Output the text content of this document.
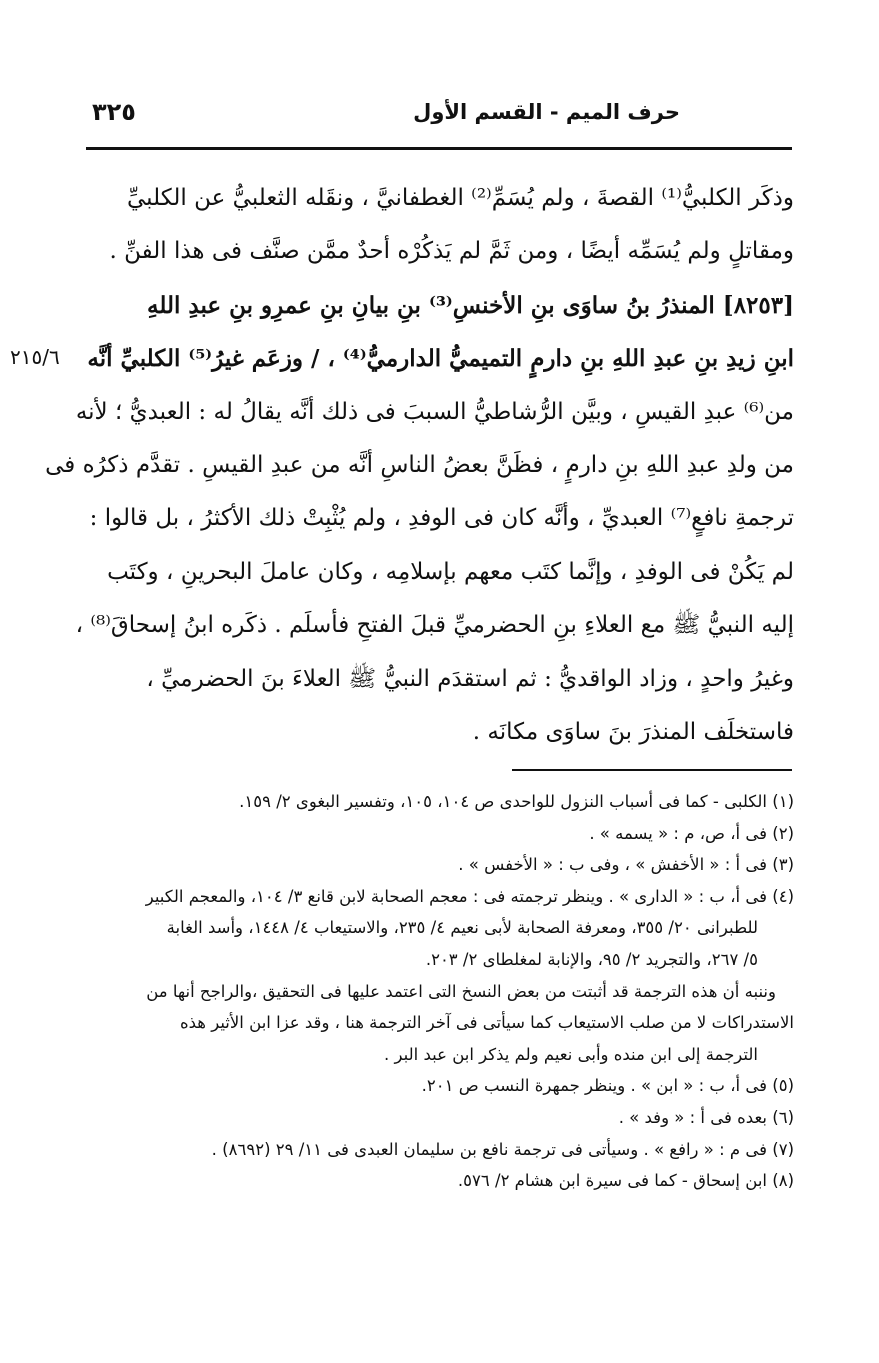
حرف الميم - القسم الأول
٣٢٥
٢١٥/٦
وذكَر الكلبيُّ⁽¹⁾ القصةَ ، ولم يُسَمِّ⁽²⁾ الغطفانيَّ ، ونقَله الثعلبيُّ عن الكلبيِّ
ومقاتلٍ ولم يُسَمِّه أيضًا ، ومن ثَمَّ لم يَذكُرْه أحدٌ ممَّن صنَّف فى هذا الفنِّ .
[٨٢٥٣] المنذرُ بنُ ساوَى بنِ الأخنسِ⁽³⁾ بنِ بيانِ بنِ عمرِو بنِ عبدِ اللهِ
ابنِ زيدِ بنِ عبدِ اللهِ بنِ دارمٍ التميميُّ الدارميُّ⁽⁴⁾ ، / وزعَم غيرُ⁽⁵⁾ الكلبيِّ أنَّه
من⁽⁶⁾ عبدِ القيسِ ، وبيَّن الرُّشاطيُّ السببَ فى ذلك أنَّه يقالُ له : العبديُّ ؛ لأنه
من ولدِ عبدِ اللهِ بنِ دارمٍ ، فظَنَّ بعضُ الناسِ أنَّه من عبدِ القيسِ . تقدَّم ذكرُه فى
ترجمةِ نافعٍ⁽⁷⁾ العبديِّ ، وأنَّه كان فى الوفدِ ، ولم يُثْبِتْ ذلك الأكثرُ ، بل قالوا :
لم يَكُنْ فى الوفدِ ، وإنَّما كتَب معهم بإسلامِه ، وكان عاملَ البحرينِ ، وكتَب
إليه النبيُّ ﷺ مع العلاءِ بنِ الحضرميِّ قبلَ الفتحِ فأسلَم . ذكَره ابنُ إسحاقَ⁽⁸⁾ ،
وغيرُ واحدٍ ، وزاد الواقديُّ : ثم استقدَم النبيُّ ﷺ العلاءَ بنَ الحضرميِّ ،
فاستخلَف المنذرَ بنَ ساوَى مكانَه .
(١) الكلبى - كما فى أسباب النزول للواحدى ص ١٠٤، ١٠٥، وتفسير البغوى ٢/ ١٥٩.
(٢) فى أ، ص، م : « يسمه » .
(٣) فى أ : « الأخفش » ، وفى ب : « الأخفس » .
(٤) فى أ، ب : « الدارى » . وينظر ترجمته فى : معجم الصحابة لابن قانع ٣/ ١٠٤، والمعجم الكبير
للطبرانى ٢٠/ ٣٥٥، ومعرفة الصحابة لأبى نعيم ٤/ ٢٣٥، والاستيعاب ٤/ ١٤٤٨، وأسد الغابة
٥/ ٢٦٧، والتجريد ٢/ ٩٥، والإنابة لمغلطاى ٢/ ٢٠٣.
وننبه أن هذه الترجمة قد أثبتت من بعض النسخ التى اعتمد عليها فى التحقيق ،والراجح أنها من
الاستدراكات لا من صلب الاستيعاب كما سيأتى فى آخر الترجمة هنا ، وقد عزا ابن الأثير هذه
الترجمة إلى ابن منده وأبى نعيم ولم يذكر ابن عبد البر .
(٥) فى أ، ب : « ابن » . وينظر جمهرة النسب ص ٢٠١.
(٦) بعده فى أ : « وفد » .
(٧) فى م : « رافع » . وسيأتى فى ترجمة نافع بن سليمان العبدى فى ١١/ ٢٩ (٨٦٩٢) .
(٨) ابن إسحاق - كما فى سيرة ابن هشام ٢/ ٥٧٦.
